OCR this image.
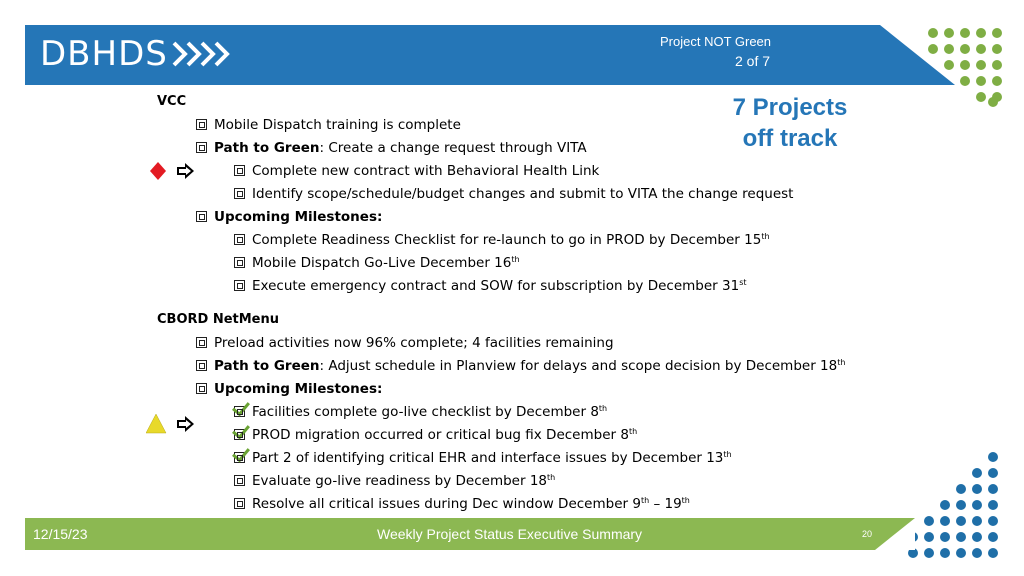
DBHDS	Project NOT Green
2 of 7
7 Projects
off track
VCC
Mobile Dispatch training is complete
Path to Green: Create a change request through VITA
Complete new contract with Behavioral Health Link
Identify scope/schedule/budget changes and submit to VITA the change request
Upcoming Milestones:
Complete Readiness Checklist for re-launch to go in PROD by December 15th
Mobile Dispatch Go-Live December 16th
Execute emergency contract and SOW for subscription by December 31st
CBORD NetMenu
Preload activities now 96% complete; 4 facilities remaining
Path to Green: Adjust schedule in Planview for delays and scope decision by December 18th
Upcoming Milestones:
Facilities complete go-live checklist by December 8th
PROD migration occurred or critical bug fix December 8th
Part 2 of identifying critical EHR and interface issues by December 13th
Evaluate go-live readiness by December 18th
Resolve all critical issues during Dec window December 9th – 19th
12/15/23	Weekly Project Status Executive Summary	20
